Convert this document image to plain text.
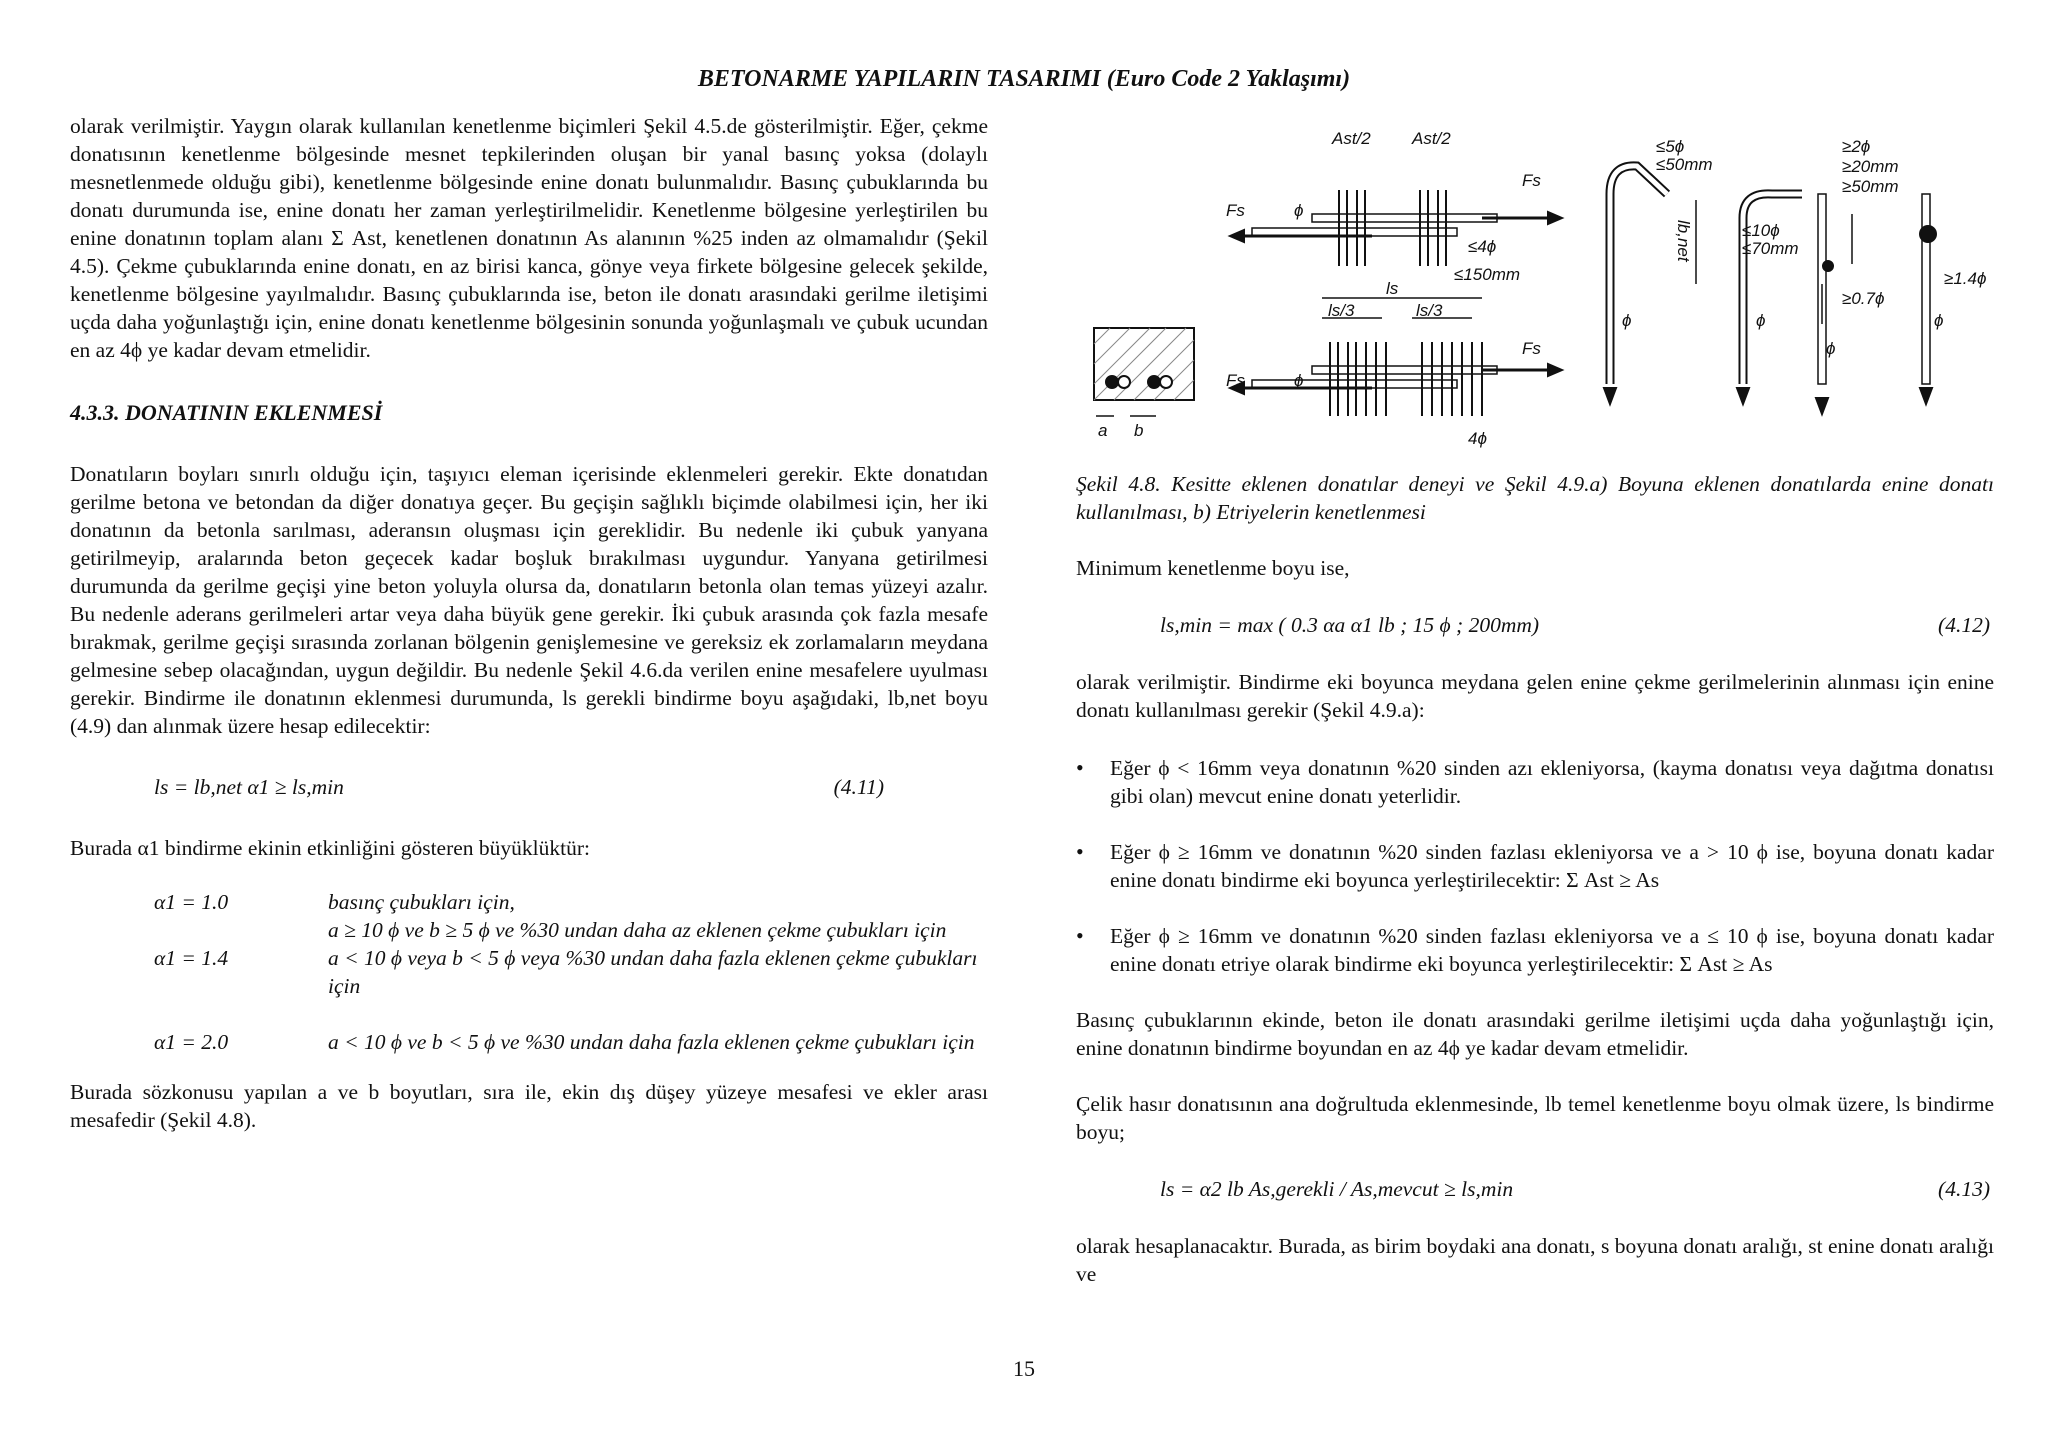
BETONARME YAPILARIN TASARIMI (Euro Code 2 Yaklaşımı)

olarak verilmiştir. Yaygın olarak kullanılan kenetlenme biçimleri Şekil 4.5.de gösterilmiştir. Eğer, çekme donatısının kenetlenme bölgesinde mesnet tepkilerinden oluşan bir yanal basınç yoksa (dolaylı mesnetlenmede olduğu gibi), kenetlenme bölgesinde enine donatı bulunmalıdır. Basınç çubuklarında bu donatı durumunda ise, enine donatı her zaman yerleştirilmelidir. Kenetlenme bölgesine yerleştirilen bu enine donatının toplam alanı Σ Ast, kenetlenen donatının As alanının %25 inden az olmamalıdır (Şekil 4.5). Çekme çubuklarında enine donatı, en az birisi kanca, gönye veya firkete bölgesine gelecek şekilde, kenetlenme bölgesine yayılmalıdır. Basınç çubuklarında ise, beton ile donatı arasındaki gerilme iletişimi uçda daha yoğunlaştığı için, enine donatı kenetlenme bölgesinin sonunda yoğunlaşmalı ve çubuk ucundan en az 4ϕ ye kadar devam etmelidir.

4.3.3. DONATININ EKLENMESİ

Donatıların boyları sınırlı olduğu için, taşıyıcı eleman içerisinde eklenmeleri gerekir. Ekte donatıdan gerilme betona ve betondan da diğer donatıya geçer. Bu geçişin sağlıklı biçimde olabilmesi için, her iki donatının da betonla sarılması, aderansın oluşması için gereklidir. Bu nedenle iki çubuk yanyana getirilmeyip, aralarında beton geçecek kadar boşluk bırakılması uygundur. Yanyana getirilmesi durumunda da gerilme geçişi yine beton yoluyla olursa da, donatıların betonla olan temas yüzeyi azalır. Bu nedenle aderans gerilmeleri artar veya daha büyük gene gerekir. İki çubuk arasında çok fazla mesafe bırakmak, gerilme geçişi sırasında zorlanan bölgenin genişlemesine ve gereksiz ek zorlamaların meydana gelmesine sebep olacağından, uygun değildir. Bu nedenle Şekil 4.6.da verilen enine mesafelere uyulması gerekir. Bindirme ile donatının eklenmesi durumunda, ls gerekli bindirme boyu aşağıdaki, lb,net boyu (4.9) dan alınmak üzere hesap edilecektir:

ls = lb,net α1 ≥ ls,min	(4.11)

Burada α1 bindirme ekinin etkinliğini gösteren büyüklüktür:

α1 = 1.0	basınç çubukları için,
a ≥ 10 ϕ ve b ≥ 5 ϕ ve %30 undan daha az eklenen çekme çubukları için
α1 = 1.4	a < 10 ϕ veya b < 5 ϕ veya %30 undan daha fazla eklenen çekme çubukları için
α1 = 2.0	a < 10 ϕ ve b < 5 ϕ ve %30 undan daha fazla eklenen çekme çubukları için

Burada sözkonusu yapılan a ve b boyutları, sıra ile, ekin dış düşey yüzeye mesafesi ve ekler arası mesafedir (Şekil 4.8).

Ast/2 Ast/2
Fs
Fs	ϕ
≤4ϕ
≤150mm
ls
ls/3	ls/3
Fs
Fs	ϕ
4ϕ
a b
≤5ϕ
≤50mm
lb,net	≤10ϕ
≤70mm
≥2ϕ
≥20mm
≥50mm
≥1.4ϕ
≥0.7ϕ
ϕ	ϕ
ϕ
ϕ
Şekil 4.8. Kesitte eklenen donatılar deneyi ve Şekil 4.9.a) Boyuna eklenen donatılarda enine donatı kullanılması, b) Etriyelerin kenetlenmesi

Minimum kenetlenme boyu ise,

ls,min = max ( 0.3 αa α1 lb ; 15 ϕ ; 200mm)	(4.12)

olarak verilmiştir. Bindirme eki boyunca meydana gelen enine çekme gerilmelerinin alınması için enine donatı kullanılması gerekir (Şekil 4.9.a):

• Eğer ϕ < 16mm veya donatının %20 sinden azı ekleniyorsa, (kayma donatısı veya dağıtma donatısı gibi olan) mevcut enine donatı yeterlidir.
• Eğer ϕ ≥ 16mm ve donatının %20 sinden fazlası ekleniyorsa ve a > 10 ϕ ise, boyuna donatı kadar enine donatı bindirme eki boyunca yerleştirilecektir: Σ Ast ≥ As
• Eğer ϕ ≥ 16mm ve donatının %20 sinden fazlası ekleniyorsa ve a ≤ 10 ϕ ise, boyuna donatı kadar enine donatı etriye olarak bindirme eki boyunca yerleştirilecektir: Σ Ast ≥ As

Basınç çubuklarının ekinde, beton ile donatı arasındaki gerilme iletişimi uçda daha yoğunlaştığı için, enine donatının bindirme boyundan en az 4ϕ ye kadar devam etmelidir.

Çelik hasır donatısının ana doğrultuda eklenmesinde, lb temel kenetlenme boyu olmak üzere, ls bindirme boyu;

ls = α2 lb As,gerekli / As,mevcut ≥ ls,min	(4.13)

olarak hesaplanacaktır. Burada, as birim boydaki ana donatı, s boyuna donatı aralığı, st enine donatı aralığı ve

15
